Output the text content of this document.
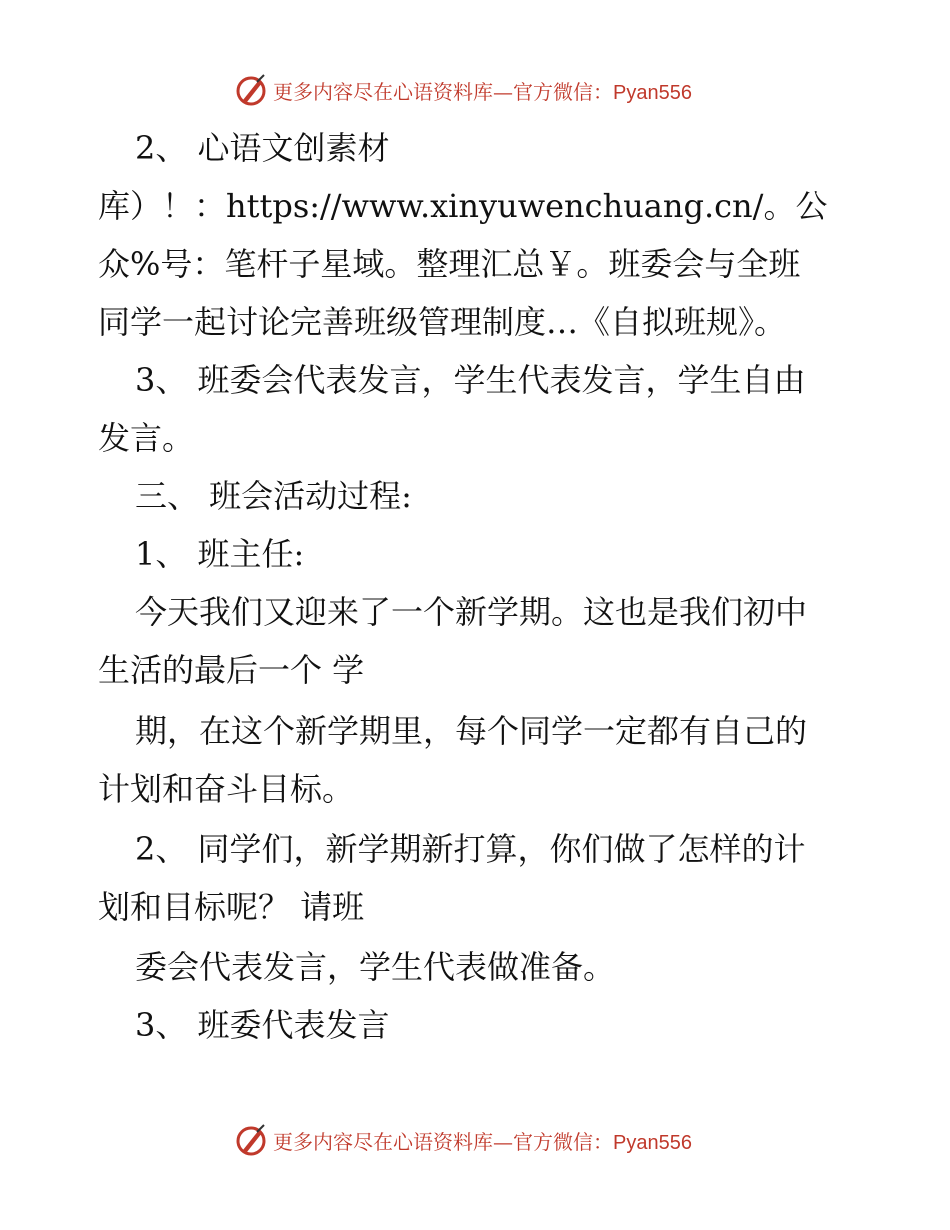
更多内容尽在心语资料库—官方微信：Pyan556
2、 心语文创素材
库）！：https://www.xinyuwenchuang.cn/。公
众%号：笔杆子星域。整理汇总￥。班委会与全班
同学一起讨论完善班级管理制度…《自拟班规》。
3、 班委会代表发言，学生代表发言，学生自由
发言。
三、 班会活动过程:
1、 班主任:
今天我们又迎来了一个新学期。这也是我们初中
生活的最后一个 学
期，在这个新学期里，每个同学一定都有自己的
计划和奋斗目标。
2、 同学们，新学期新打算，你们做了怎样的计
划和目标呢？ 请班
委会代表发言，学生代表做准备。
3、 班委代表发言
更多内容尽在心语资料库—官方微信：Pyan556
